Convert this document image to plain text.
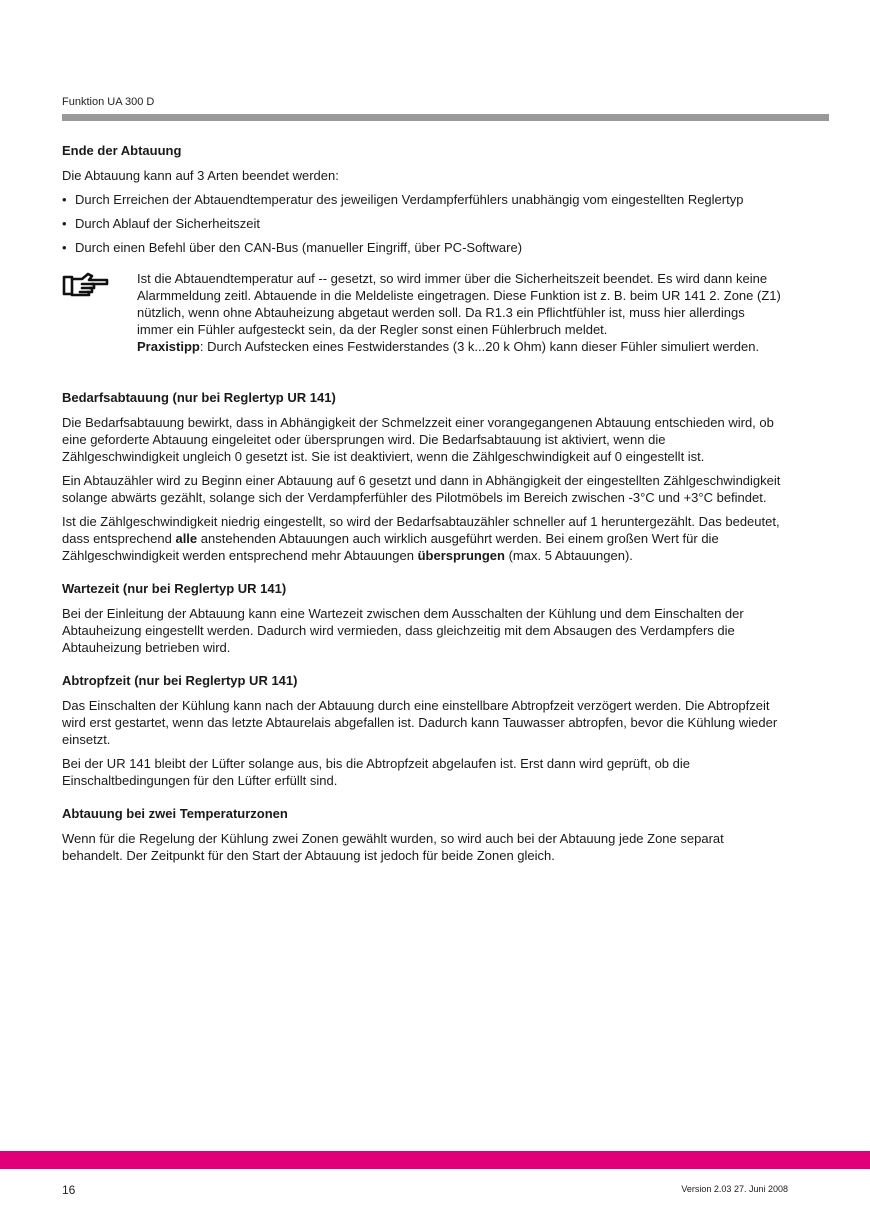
Funktion UA 300 D
Ende der Abtauung

Die Abtauung kann auf 3 Arten beendet werden:

• Durch Erreichen der Abtauendtemperatur des jeweiligen Verdampferfühlers unabhängig vom eingestellten Reglertyp
• Durch Ablauf der Sicherheitszeit
• Durch einen Befehl über den CAN-Bus (manueller Eingriff, über PC-Software)
Ist die Abtauendtemperatur auf -- gesetzt, so wird immer über die Sicherheitszeit beendet. Es wird dann keine Alarmmeldung zeitl. Abtauende in die Meldeliste eingetragen. Diese Funktion ist z. B. beim UR 141 2. Zone (Z1) nützlich, wenn ohne Abtauheizung abgetaut werden soll. Da R1.3 ein Pflichtfühler ist, muss hier allerdings immer ein Fühler aufgesteckt sein, da der Regler sonst einen Fühlerbruch meldet.
Praxistipp: Durch Aufstecken eines Festwiderstandes (3 k...20 k Ohm) kann dieser Fühler simuliert werden.
Bedarfsabtauung (nur bei Reglertyp UR 141)

Die Bedarfsabtauung bewirkt, dass in Abhängigkeit der Schmelzzeit einer vorangegangenen Abtauung entschieden wird, ob eine geforderte Abtauung eingeleitet oder übersprungen wird. Die Bedarfsabtauung ist aktiviert, wenn die Zählgeschwindigkeit ungleich 0 gesetzt ist. Sie ist deaktiviert, wenn die Zählgeschwindigkeit auf 0 eingestellt ist.

Ein Abtauzähler wird zu Beginn einer Abtauung auf 6 gesetzt und dann in Abhängigkeit der eingestellten Zählgeschwindigkeit solange abwärts gezählt, solange sich der Verdampferfühler des Pilotmöbels im Bereich zwischen -3°C und +3°C befindet.

Ist die Zählgeschwindigkeit niedrig eingestellt, so wird der Bedarfsabtauzähler schneller auf 1 heruntergezählt. Das bedeutet, dass entsprechend alle anstehenden Abtauungen auch wirklich ausgeführt werden. Bei einem großen Wert für die Zählgeschwindigkeit werden entsprechend mehr Abtauungen übersprungen (max. 5 Abtauungen).

Wartezeit (nur bei Reglertyp UR 141)

Bei der Einleitung der Abtauung kann eine Wartezeit zwischen dem Ausschalten der Kühlung und dem Einschalten der Abtauheizung eingestellt werden. Dadurch wird vermieden, dass gleichzeitig mit dem Absaugen des Verdampfers die Abtauheizung betrieben wird.

Abtropfzeit (nur bei Reglertyp UR 141)

Das Einschalten der Kühlung kann nach der Abtauung durch eine einstellbare Abtropfzeit verzögert werden. Die Abtropfzeit wird erst gestartet, wenn das letzte Abtaurelais abgefallen ist. Dadurch kann Tauwasser abtropfen, bevor die Kühlung wieder einsetzt.

Bei der UR 141 bleibt der Lüfter solange aus, bis die Abtropfzeit abgelaufen ist. Erst dann wird geprüft, ob die Einschaltbedingungen für den Lüfter erfüllt sind.

Abtauung bei zwei Temperaturzonen

Wenn für die Regelung der Kühlung zwei Zonen gewählt wurden, so wird auch bei der Abtauung jede Zone separat behandelt. Der Zeitpunkt für den Start der Abtauung ist jedoch für beide Zonen gleich.

16	Version 2.03 27. Juni 2008
